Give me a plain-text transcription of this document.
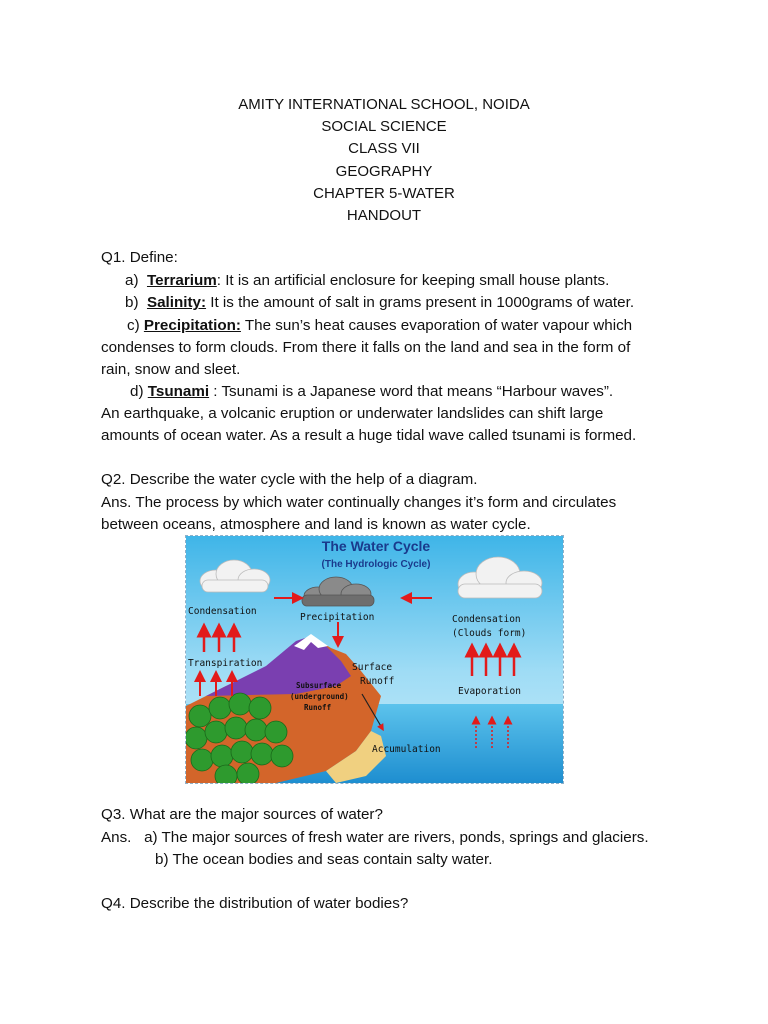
AMITY INTERNATIONAL SCHOOL, NOIDA
SOCIAL SCIENCE
CLASS VII
GEOGRAPHY
CHAPTER 5-WATER
HANDOUT
Q1. Define:
a) Terrarium: It is an artificial enclosure for keeping small house plants.
b) Salinity: It is the amount of salt in grams present in 1000grams of water.
c) Precipitation: The sun’s heat causes evaporation of water vapour which
condenses to form clouds. From there it falls on the land and sea in the form of
rain, snow and sleet.
d) Tsunami : Tsunami is a Japanese word that means “Harbour waves”.
An earthquake, a volcanic eruption or underwater landslides can shift large
amounts of ocean water. As a result a huge tidal wave called tsunami is formed.
Q2. Describe the water cycle with the help of a diagram.
Ans. The process by which water continually changes it’s form and circulates
between oceans, atmosphere and land is known as water cycle.
The Water Cycle
(The Hydrologic Cycle)
Condensation
Precipitation	Condensation
(Clouds form)
Transpiration	Surface
Runoff
Evaporation
Accumulation
Subsurface
(underground)
Runoff
Q3. What are the major sources of water?
Ans. a) The major sources of fresh water are rivers, ponds, springs and glaciers.
b) The ocean bodies and seas contain salty water.
Q4. Describe the distribution of water bodies?
